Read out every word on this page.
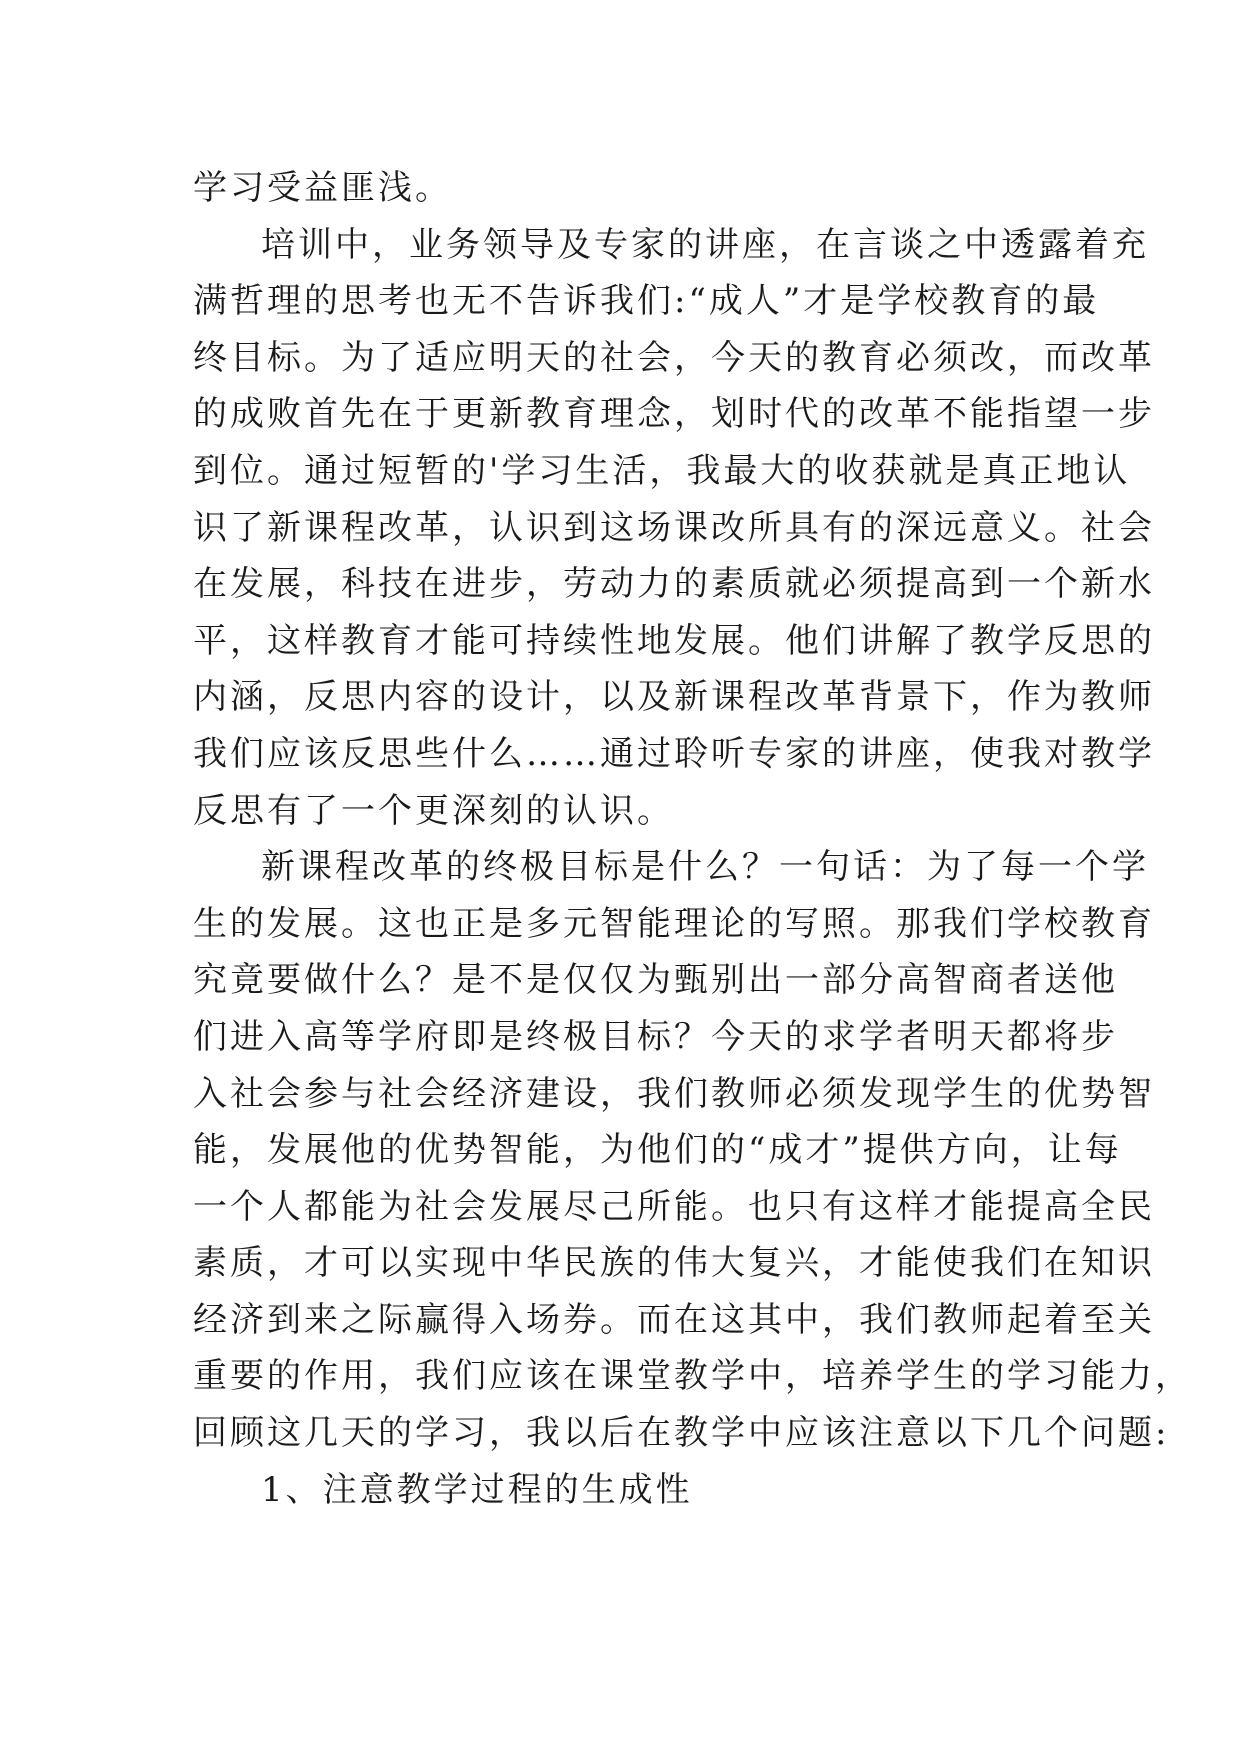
学习受益匪浅。
培训中，业务领导及专家的讲座，在言谈之中透露着充
满哲理的思考也无不告诉我们:“成人”才是学校教育的最
终目标。为了适应明天的社会，今天的教育必须改，而改革
的成败首先在于更新教育理念，划时代的改革不能指望一步
到位。通过短暂的'学习生活，我最大的收获就是真正地认
识了新课程改革，认识到这场课改所具有的深远意义。社会
在发展，科技在进步，劳动力的素质就必须提高到一个新水
平，这样教育才能可持续性地发展。他们讲解了教学反思的
内涵，反思内容的设计，以及新课程改革背景下，作为教师
我们应该反思些什么……通过聆听专家的讲座，使我对教学
反思有了一个更深刻的认识。
新课程改革的终极目标是什么？一句话：为了每一个学
生的发展。这也正是多元智能理论的写照。那我们学校教育
究竟要做什么？是不是仅仅为甄别出一部分高智商者送他
们进入高等学府即是终极目标？今天的求学者明天都将步
入社会参与社会经济建设，我们教师必须发现学生的优势智
能，发展他的优势智能，为他们的“成才”提供方向，让每
一个人都能为社会发展尽己所能。也只有这样才能提高全民
素质，才可以实现中华民族的伟大复兴，才能使我们在知识
经济到来之际赢得入场券。而在这其中，我们教师起着至关
重要的作用，我们应该在课堂教学中，培养学生的学习能力，
回顾这几天的学习，我以后在教学中应该注意以下几个问题:
1、注意教学过程的生成性
